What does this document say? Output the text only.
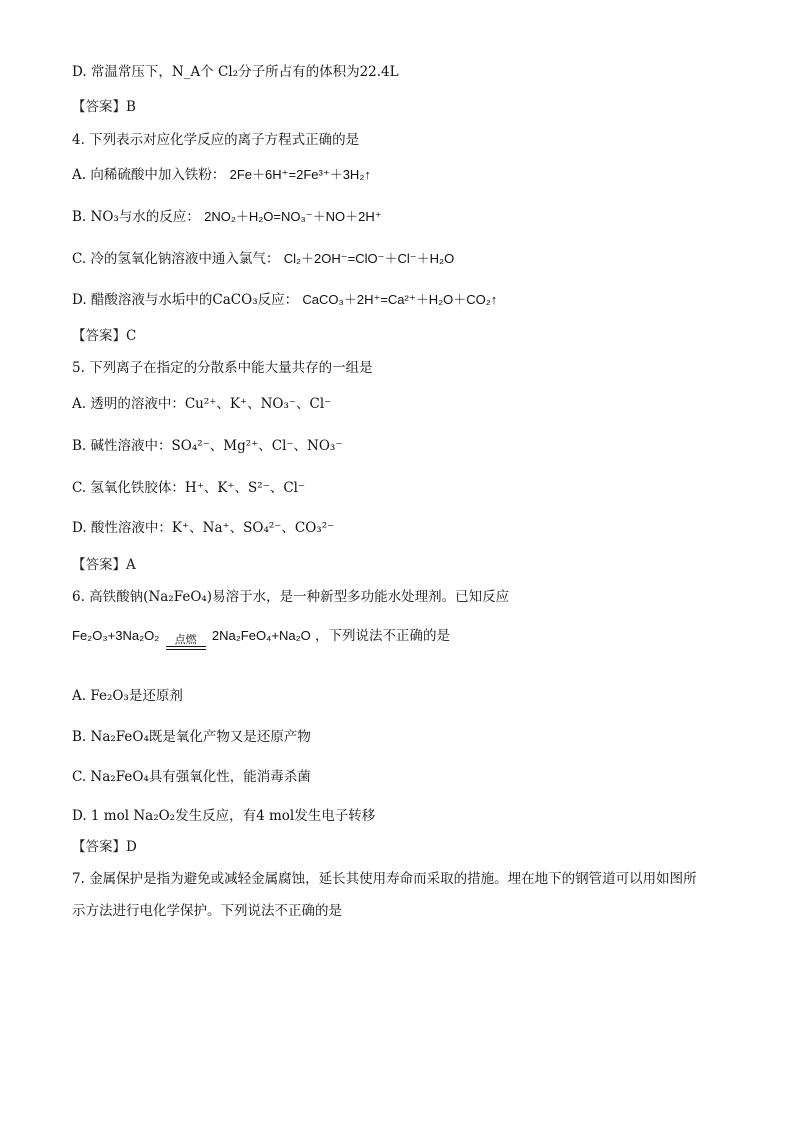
D. 常温常压下，N_A个 Cl₂分子所占有的体积为22.4L
【答案】B
4. 下列表示对应化学反应的离子方程式正确的是
A. 向稀硫酸中加入铁粉： 2Fe＋6H⁺=2Fe³⁺＋3H₂↑
B. NO₃与水的反应： 2NO₂＋H₂O=NO₃⁻＋NO＋2H⁺
C. 冷的氢氧化钠溶液中通入氯气： Cl₂＋2OH⁻=ClO⁻＋Cl⁻＋H₂O
D. 醋酸溶液与水垢中的CaCO₃反应： CaCO₃＋2H⁺=Ca²⁺＋H₂O＋CO₂↑
【答案】C
5. 下列离子在指定的分散系中能大量共存的一组是
A. 透明的溶液中：Cu²⁺、K⁺、NO₃⁻、Cl⁻
B. 碱性溶液中：SO₄²⁻、Mg²⁺、Cl⁻、NO₃⁻
C. 氢氧化铁胶体：H⁺、K⁺、S²⁻、Cl⁻
D. 酸性溶液中：K⁺、Na⁺、SO₄²⁻、CO₃²⁻
【答案】A
6. 高铁酸钠(Na₂FeO₄)易溶于水，是一种新型多功能水处理剂。已知反应
Fe₂O₃+3Na₂O₂	点燃	2Na₂FeO₄+Na₂O ，下列说法不正确的是
A. Fe₂O₃是还原剂
B. Na₂FeO₄既是氧化产物又是还原产物
C. Na₂FeO₄具有强氧化性，能消毒杀菌
D. 1 mol Na₂O₂发生反应，有4 mol发生电子转移
【答案】D
7. 金属保护是指为避免或减轻金属腐蚀，延长其使用寿命而采取的措施。埋在地下的钢管道可以用如图所
示方法进行电化学保护。下列说法不正确的是
